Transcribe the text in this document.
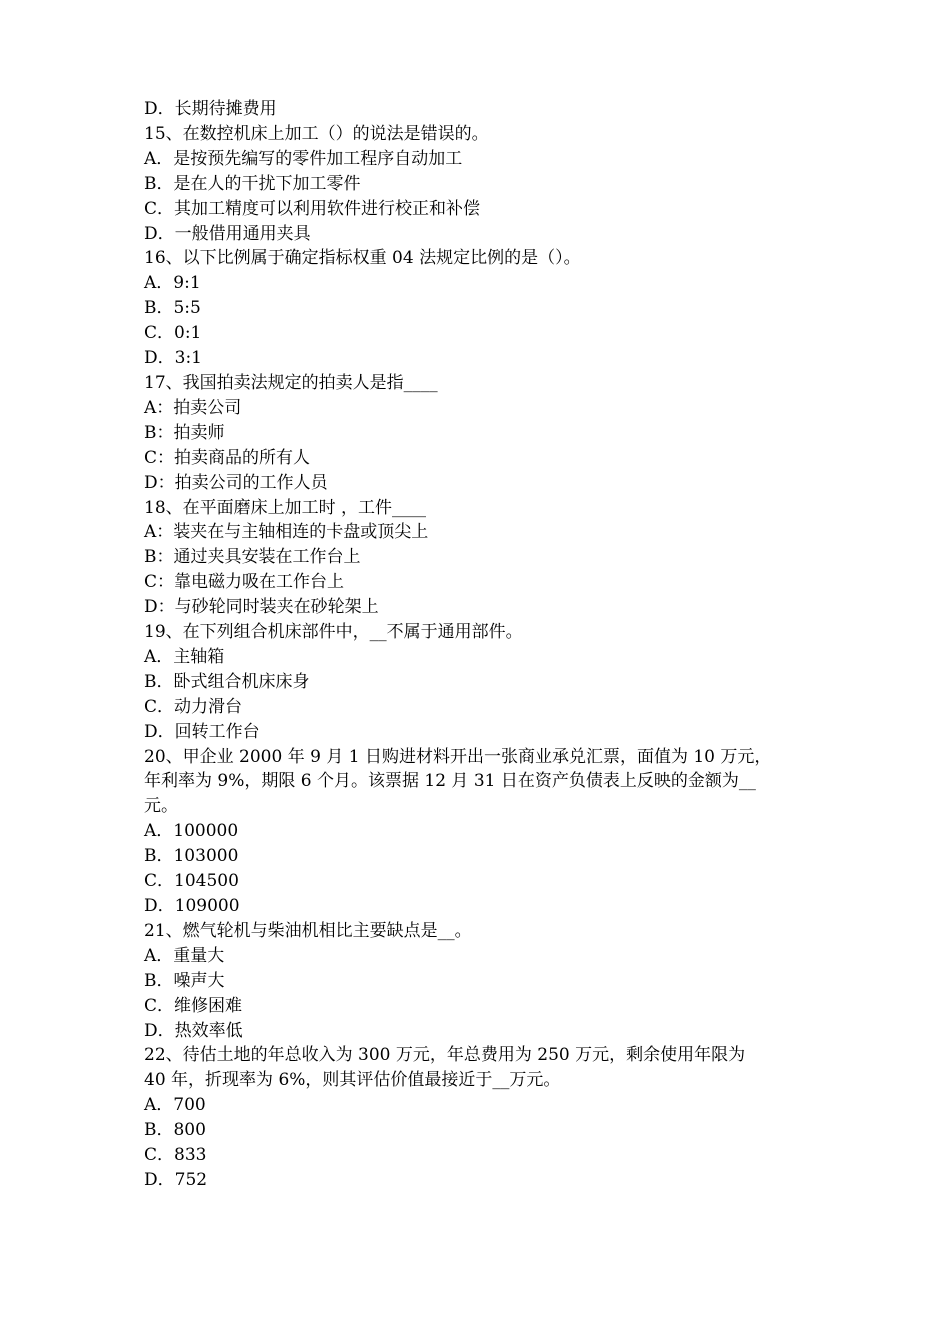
D．长期待摊费用
15、在数控机床上加工（）的说法是错误的。
A．是按预先编写的零件加工程序自动加工
B．是在人的干扰下加工零件
C．其加工精度可以利用软件进行校正和补偿
D．一般借用通用夹具
16、以下比例属于确定指标权重 04 法规定比例的是（）。
A．9:1
B．5:5
C．0:1
D．3:1
17、我国拍卖法规定的拍卖人是指____
A：拍卖公司
B：拍卖师
C：拍卖商品的所有人
D：拍卖公司的工作人员
18、在平面磨床上加工时 ，工件____
A：装夹在与主轴相连的卡盘或顶尖上
B：通过夹具安装在工作台上
C：靠电磁力吸在工作台上
D：与砂轮同时装夹在砂轮架上
19、在下列组合机床部件中，__不属于通用部件。
A．主轴箱
B．卧式组合机床床身
C．动力滑台
D．回转工作台
20、甲企业 2000 年 9 月 1 日购进材料开出一张商业承兑汇票，面值为 10 万元，
年利率为 9%，期限 6 个月。该票据 12 月 31 日在资产负债表上反映的金额为__
元。
A．100000
B．103000
C．104500
D．109000
21、燃气轮机与柴油机相比主要缺点是__。
A．重量大
B．噪声大
C．维修困难
D．热效率低
22、待估土地的年总收入为 300 万元，年总费用为 250 万元，剩余使用年限为
40 年，折现率为 6%，则其评估价值最接近于__万元。
A．700
B．800
C．833
D．752
